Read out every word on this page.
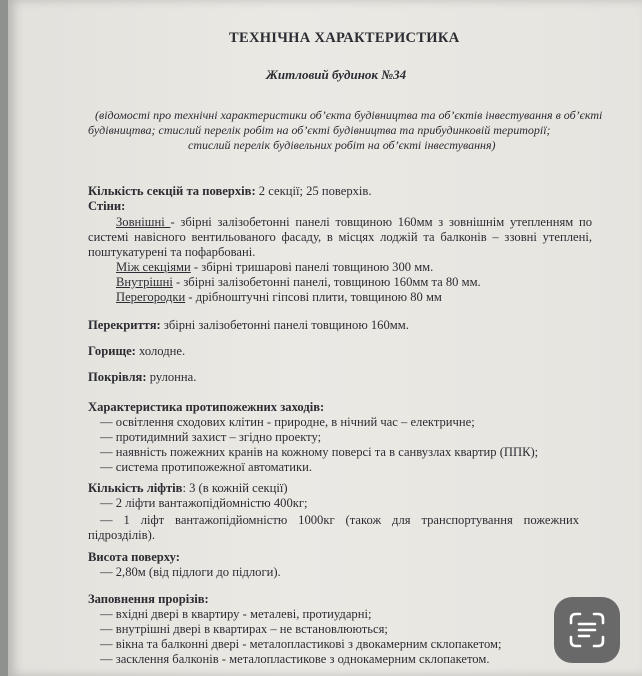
ТЕХНІЧНА ХАРАКТЕРИСТИКА
Житловий будинок №34
(відомості про технічні характеристики об’єкта будівництва та об’єктів інвестування в об’єкті
будівництва; стислий перелік робіт на об’єкті будівництва та прибудинковій території;
стислий перелік будівельних робіт на об’єкті інвестування)
Кількість секцій та поверхів: 2 секції; 25 поверхів.
Стіни:
Зовнішні - збірні залізобетонні панелі товщиною 160мм з зовнішнім утепленням по
системі навісного вентильованого фасаду, в місцях лоджій та балконів – ззовні утеплені,
поштукатурені та пофарбовані.
Між секціями - збірні тришарові панелі товщиною 300 мм.
Внутрішні - збірні залізобетонні панелі, товщиною 160мм та 80 мм.
Перегородки - дрібноштучні гіпсові плити, товщиною 80 мм
Перекриття: збірні залізобетонні панелі товщиною 160мм.
Горище: холодне.
Покрівля: рулонна.
Характеристика протипожежних заходів:
— освітлення сходових клітин - природне, в нічний час – електричне;
— протидимний захист – згідно проекту;
— наявність пожежних кранів на кожному поверсі та в санвузлах квартир (ППК);
— система протипожежної автоматики.
Кількість ліфтів: 3 (в кожній секції)
— 2 ліфти вантажопідйомністю 400кг;
— 1 ліфт вантажопідйомністю 1000кг (також для транспортування пожежних
підрозділів).
Висота поверху:
— 2,80м (від підлоги до підлоги).
Заповнення прорізів:
— вхідні двері в квартиру - металеві, протиударні;
— внутрішні двері в квартирах – не встановлюються;
— вікна та балконні двері - металопластикові з двокамерним склопакетом;
— засклення балконів - металопластикове з однокамерним склопакетом.
